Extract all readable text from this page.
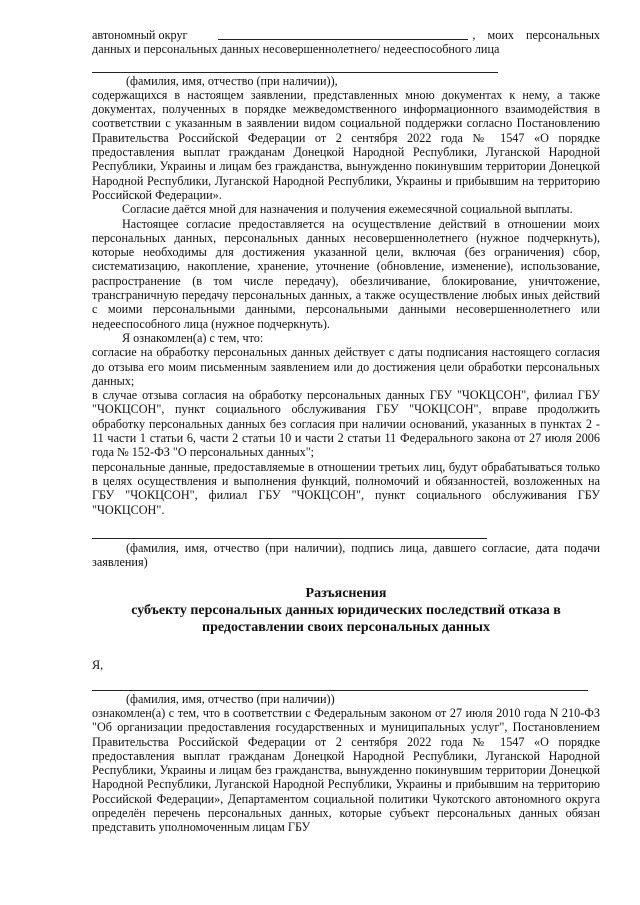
автономный округ	, моих персональных
данных и персональных данных несовершеннолетнего/ недееспособного лица
(фамилия, имя, отчество (при наличии)),
содержащихся в настоящем заявлении, представленных мною документах к нему, а также документах, полученных в порядке межведомственного информационного взаимодействия в соответствии с указанным в заявлении видом социальной поддержки согласно Постановлению Правительства Российской Федерации от 2 сентября 2022 года № 1547 «О порядке предоставления выплат гражданам Донецкой Народной Республики, Луганской Народной Республики, Украины и лицам без гражданства, вынужденно покинувшим территории Донецкой Народной Республики, Луганской Народной Республики, Украины и прибывшим на территорию Российской Федерации».
Согласие даётся мной для назначения и получения ежемесячной социальной выплаты.
Настоящее согласие предоставляется на осуществление действий в отношении моих персональных данных, персональных данных несовершеннолетнего (нужное подчеркнуть), которые необходимы для достижения указанной цели, включая (без ограничения) сбор, систематизацию, накопление, хранение, уточнение (обновление, изменение), использование, распространение (в том числе передачу), обезличивание, блокирование, уничтожение, трансграничную передачу персональных данных, а также осуществление любых иных действий с моими персональными данными, персональными данными несовершеннолетнего или недееспособного лица (нужное подчеркнуть).
Я ознакомлен(а) с тем, что:
согласие на обработку персональных данных действует с даты подписания настоящего согласия до отзыва его моим письменным заявлением или до достижения цели обработки персональных данных;
в случае отзыва согласия на обработку персональных данных ГБУ "ЧОКЦСОН", филиал ГБУ "ЧОКЦСОН", пункт социального обслуживания ГБУ "ЧОКЦСОН", вправе продолжить обработку персональных данных без согласия при наличии оснований, указанных в пунктах 2 - 11 части 1 статьи 6, части 2 статьи 10 и части 2 статьи 11 Федерального закона от 27 июля 2006 года № 152-ФЗ "О персональных данных";
персональные данные, предоставляемые в отношении третьих лиц, будут обрабатываться только в целях осуществления и выполнения функций, полномочий и обязанностей, возложенных на ГБУ "ЧОКЦСОН", филиал ГБУ "ЧОКЦСОН", пункт социального обслуживания ГБУ "ЧОКЦСОН".
(фамилия, имя, отчество (при наличии), подпись лица, давшего согласие, дата подачи заявления)
Разъяснения
субъекту персональных данных юридических последствий отказа в предоставлении своих персональных данных
Я,
(фамилия, имя, отчество (при наличии))
ознакомлен(а) с тем, что в соответствии с Федеральным законом от 27 июля 2010 года N 210-ФЗ "Об организации предоставления государственных и муниципальных услуг", Постановлением Правительства Российской Федерации от 2 сентября 2022 года № 1547 «О порядке предоставления выплат гражданам Донецкой Народной Республики, Луганской Народной Республики, Украины и лицам без гражданства, вынужденно покинувшим территории Донецкой Народной Республики, Луганской Народной Республики, Украины и прибывшим на территорию Российской Федерации», Департаментом социальной политики Чукотского автономного округа определён перечень персональных данных, которые субъект персональных данных обязан представить уполномоченным лицам ГБУ
